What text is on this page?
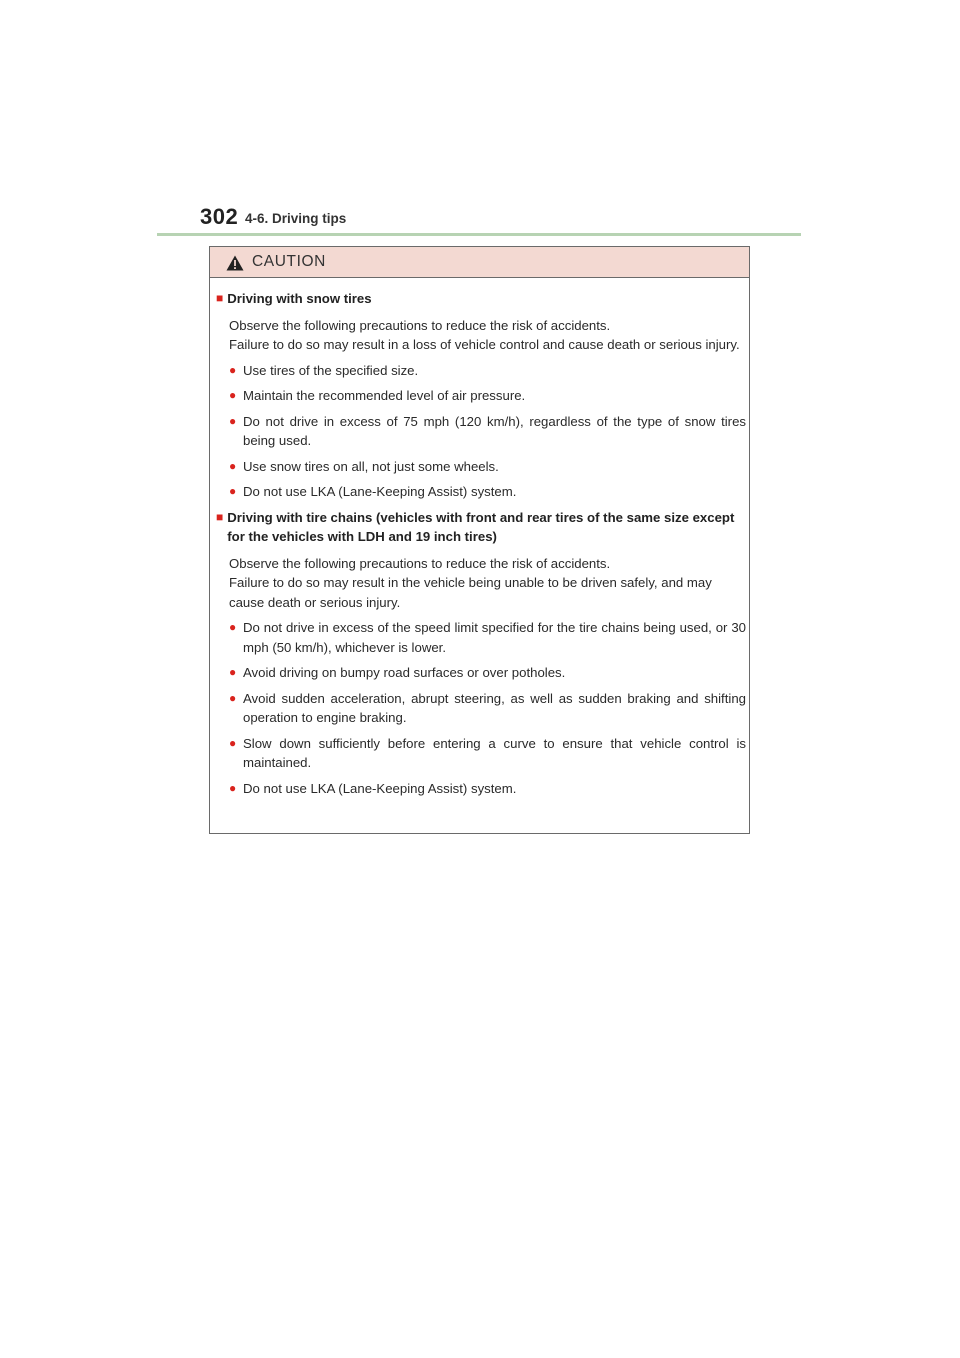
302 4-6. Driving tips
CAUTION
■ Driving with snow tires
Observe the following precautions to reduce the risk of accidents.
Failure to do so may result in a loss of vehicle control and cause death or serious injury.
● Use tires of the specified size.
● Maintain the recommended level of air pressure.
● Do not drive in excess of 75 mph (120 km/h), regardless of the type of snow tires being used.
● Use snow tires on all, not just some wheels.
● Do not use LKA (Lane-Keeping Assist) system.
■ Driving with tire chains (vehicles with front and rear tires of the same size except for the vehicles with LDH and 19 inch tires)
Observe the following precautions to reduce the risk of accidents.
Failure to do so may result in the vehicle being unable to be driven safely, and may cause death or serious injury.
● Do not drive in excess of the speed limit specified for the tire chains being used, or 30 mph (50 km/h), whichever is lower.
● Avoid driving on bumpy road surfaces or over potholes.
● Avoid sudden acceleration, abrupt steering, as well as sudden braking and shifting operation to engine braking.
● Slow down sufficiently before entering a curve to ensure that vehicle control is maintained.
● Do not use LKA (Lane-Keeping Assist) system.
